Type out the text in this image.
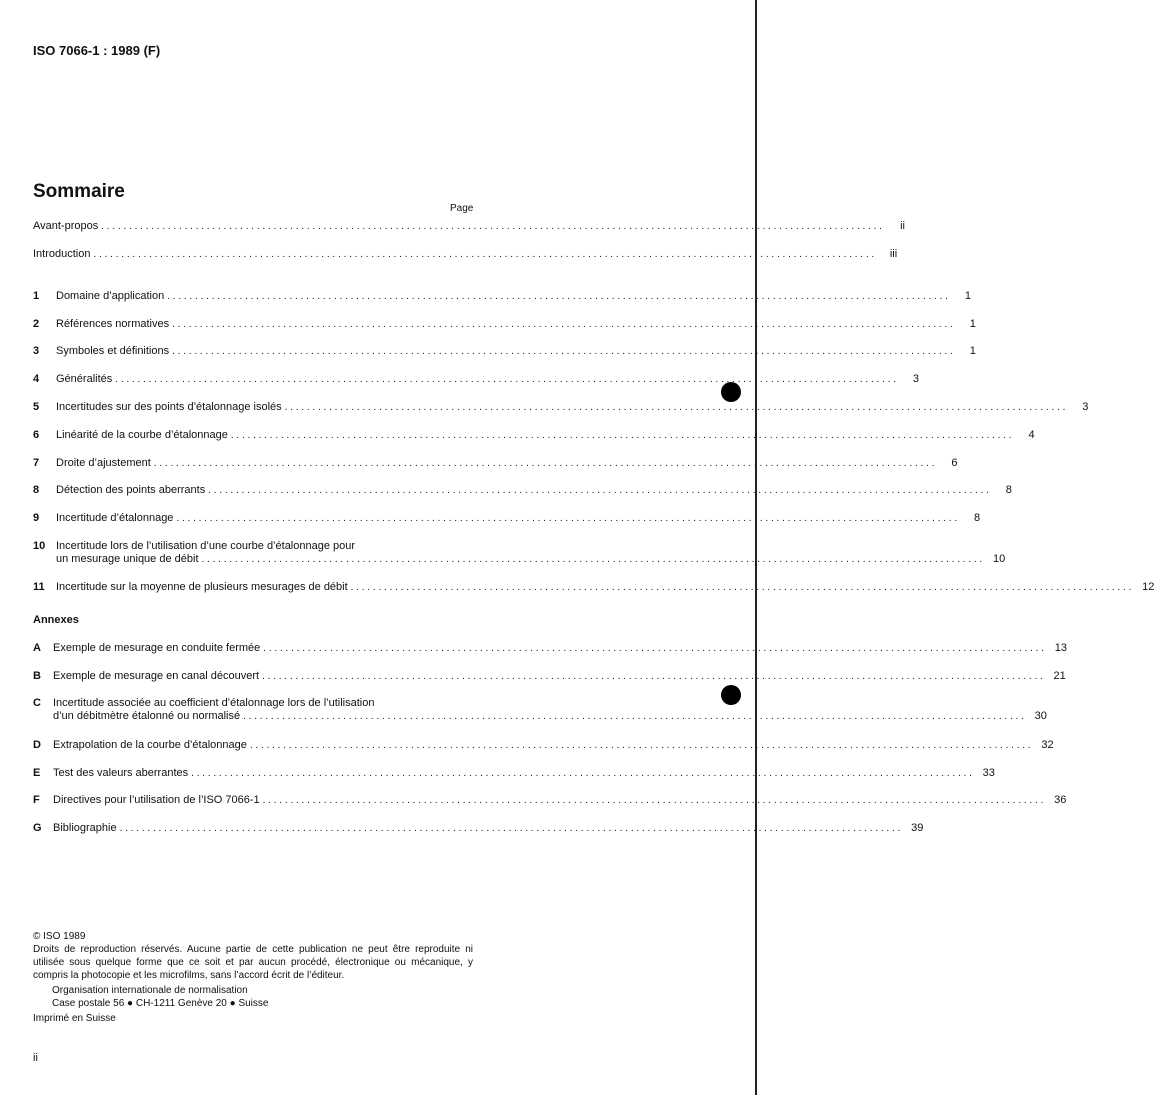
ISO 7066-1 : 1989 (F)
Sommaire
Page
Avant-propos . . .	ii
Introduction . . .	iii
1	Domaine d’application . . .	1
2	Références normatives . . .	1
3	Symboles et définitions . . .	1
4	Généralités . . .	3
5	Incertitudes sur des points d’étalonnage isolés . . .	3
6	Linéarité de la courbe d’étalonnage . . .	4
7	Droite d’ajustement . . .	6
8	Détection des points aberrants . . .	8
9	Incertitude d’étalonnage . . .	8
10 Incertitude lors de l’utilisation d’une courbe d’étalonnage pour
un mesurage unique de débit . . .	10
11	Incertitude sur la moyenne de plusieurs mesurages de débit . . .	12
Annexes
A	Exemple de mesurage en conduite fermée . . .	13
B	Exemple de mesurage en canal découvert . . .	21
C	Incertitude associée au coefficient d’étalonnage lors de l’utilisation
d’un débitmètre étalonné ou normalisé . . .	30
D	Extrapolation de la courbe d’étalonnage . . .	32
E	Test des valeurs aberrantes . . .	33
F	Directives pour l’utilisation de l’ISO 7066-1 . . .	36
G	Bibliographie . . .	39

© ISO 1989

Droits de reproduction réservés. Aucune partie de cette publication ne peut être reproduite ni utilisée sous quelque forme que ce soit et par aucun procédé, électronique ou mécanique, y compris la photocopie et les microfilms, sans l’accord écrit de l’éditeur.

Organisation internationale de normalisation

Case postale 56 ● CH-1211 Genève 20 ● Suisse

Imprimé en Suisse

ii
